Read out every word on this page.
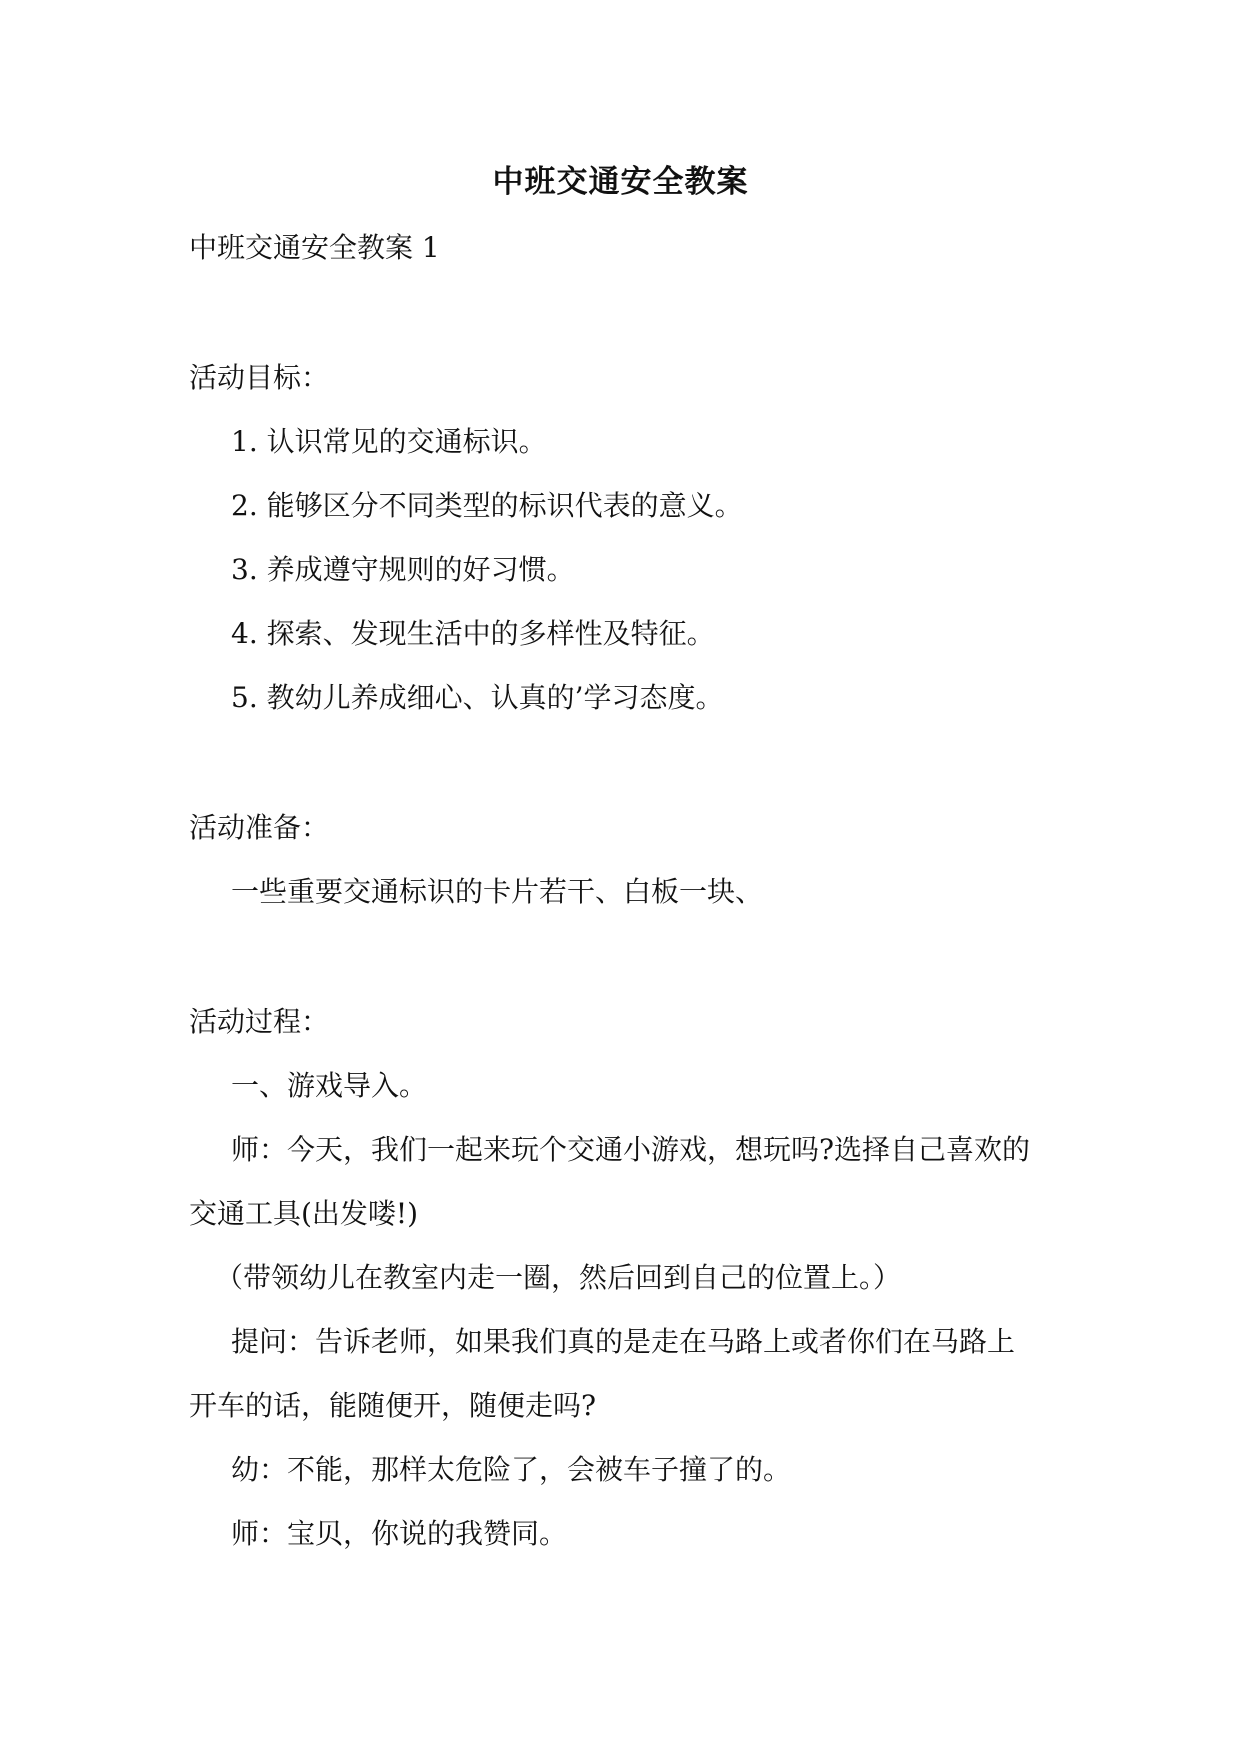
中班交通安全教案
中班交通安全教案 1
活动目标：
1. 认识常见的交通标识。
2. 能够区分不同类型的标识代表的意义。
3. 养成遵守规则的好习惯。
4. 探索、发现生活中的多样性及特征。
5. 教幼儿养成细心、认真的’学习态度。
活动准备：
一些重要交通标识的卡片若干、白板一块、
活动过程：
一、游戏导入。
师：今天，我们一起来玩个交通小游戏，想玩吗?选择自己喜欢的
交通工具(出发喽!)
（带领幼儿在教室内走一圈，然后回到自己的位置上。）
提问：告诉老师，如果我们真的是走在马路上或者你们在马路上
开车的话，能随便开，随便走吗?
幼：不能，那样太危险了，会被车子撞了的。
师：宝贝，你说的我赞同。
